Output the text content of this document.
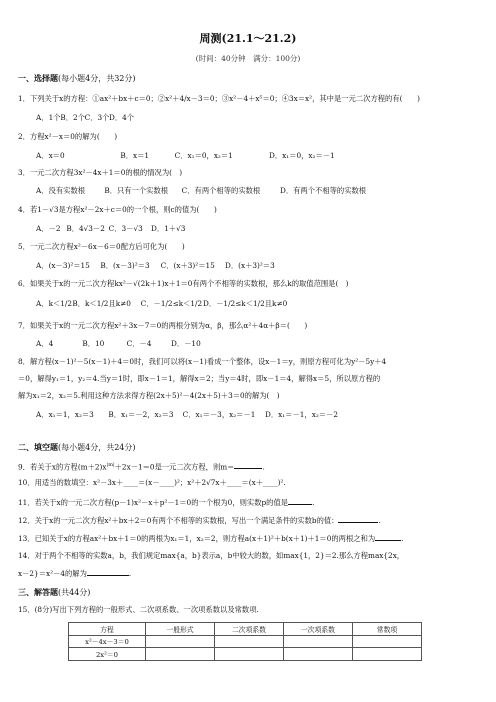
周测(21.1～21.2)
(时间：40分钟　满分：100分)
一、选择题(每小题4分，共32分)
1．下列关于x的方程：①ax²＋bx＋c＝0；②x²＋4/x－3＝0；③x²－4＋x⁵＝0；④3x＝x²，其中是一元二次方程的有(　　)
A．1个 B．2个 C．3个 D．4个
2．方程x²－x＝0的解为(　　)
A．x＝0	B．x＝1	C．x₁＝0，x₂＝1	D．x₁＝0，x₂＝－1
3．一元二次方程3x²－4x＋1＝0的根的情况为(　)
A．没有实数根	B．只有一个实数根 C．有两个相等的实数根	D．有两个不相等的实数根
4．若1－√3是方程x²－2x＋c＝0的一个根，则c的值为(　　)
A．－2 B．4√3－2 C．3－√3 D．1＋√3
5．一元二次方程x²－6x－6＝0配方后可化为(　　)
A．(x－3)²＝15 B．(x－3)²＝3 C．(x＋3)²＝15 D．(x＋3)²＝3
6．如果关于x的一元二次方程kx²－√(2k＋1)x＋1＝0有两个不相等的实数根，那么k的取值范围是(　)
A．k＜1/2 B．k＜1/2且k≠0 C．－1/2≤k＜1/2 D．－1/2≤k＜1/2且k≠0
7．如果关于x的一元二次方程x²＋3x－7＝0的两根分别为α，β，那么α²＋4α＋β＝(　　)
A．4	B．10	C．－4	D．－10
8．解方程(x－1)²－5(x－1)＋4＝0时，我们可以将(x－1)看成一个整体，设x－1＝y，则原方程可化为y²－5y＋4
＝0，解得y₁＝1，y₂＝4.当y＝1时，即x－1＝1，解得x＝2；当y＝4时，即x－1＝4，解得x＝5，所以原方程的
解为x₁＝2，x₂＝5.利用这种方法求得方程(2x＋5)²－4(2x＋5)＋3＝0的解为(　)
A．x₁＝1，x₂＝3 B．x₁＝－2，x₂＝3 C．x₁＝－3，x₂＝－1 D．x₁＝－1，x₂＝－2
二、填空题(每小题4分，共24分)
9．若关于x的方程$(m+2)x^{|m|}+2x-1=0$是一元二次方程，则m＝	.
10．用适当的数填空：x²－3x＋____＝(x－____)²；x²＋2√7x＋____＝(x＋____)².
11．若关于x的一元二次方程(p－1)x²－x＋p²－1＝0的一个根为0，则实数p的值是	.
12．关于x的一元二次方程x²＋bx＋2＝0有两个不相等的实数根，写出一个满足条件的实数b的值：	.
13．已知关于x的方程ax²＋bx＋1＝0的两根为x₁＝1，x₂＝2，则方程a(x＋1)²＋b(x＋1)＋1＝0的两根之和为	.
14．对于两个不相等的实数a，b，我们规定max{a，b}表示a，b中较大的数，如max{1，2}＝2.那么方程max{2x，
x－2}＝x²－4的解为	.
三、解答题(共44分)
15．(8分)写出下列方程的一般形式、二次项系数、一次项系数以及常数项.
方程	一般形式	二次项系数	一次项系数	常数项
x²－4x－3＝0				
2x²＝0				
